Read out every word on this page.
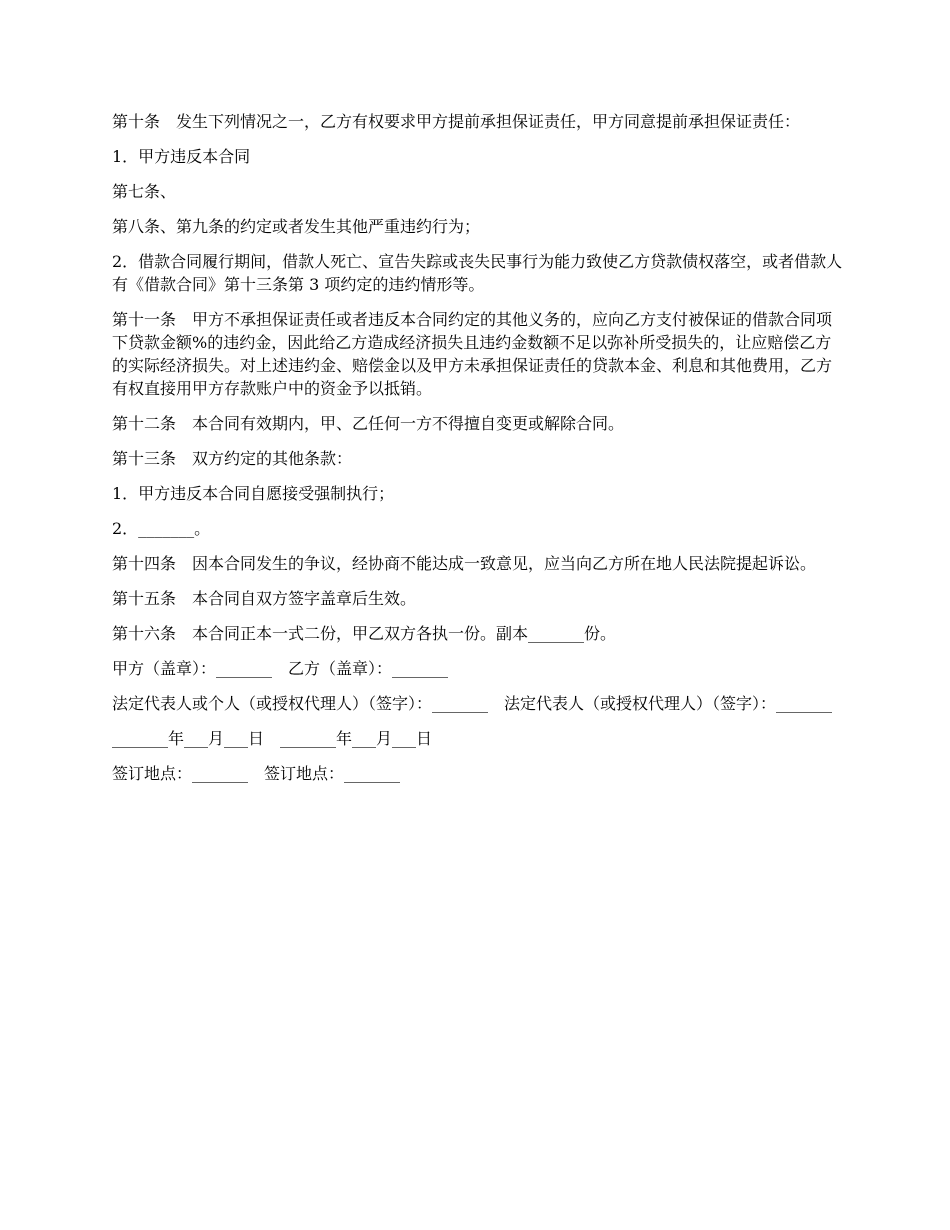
第十条　发生下列情况之一，乙方有权要求甲方提前承担保证责任，甲方同意提前承担保证责任：

1．甲方违反本合同

第七条、

第八条、第九条的约定或者发生其他严重违约行为；

2．借款合同履行期间，借款人死亡、宣告失踪或丧失民事行为能力致使乙方贷款债权落空，或者借款人有《借款合同》第十三条第 3 项约定的违约情形等。

第十一条　甲方不承担保证责任或者违反本合同约定的其他义务的，应向乙方支付被保证的借款合同项下贷款金额%的违约金，因此给乙方造成经济损失且违约金数额不足以弥补所受损失的，让应赔偿乙方的实际经济损失。对上述违约金、赔偿金以及甲方未承担保证责任的贷款本金、利息和其他费用，乙方有权直接用甲方存款账户中的资金予以抵销。

第十二条　本合同有效期内，甲、乙任何一方不得擅自变更或解除合同。

第十三条　双方约定的其他条款：

1．甲方违反本合同自愿接受强制执行；

2．_______。

第十四条　因本合同发生的争议，经协商不能达成一致意见，应当向乙方所在地人民法院提起诉讼。

第十五条　本合同自双方签字盖章后生效。

第十六条　本合同正本一式二份，甲乙双方各执一份。副本_______份。

甲方（盖章）：_______　乙方（盖章）：_______

法定代表人或个人（或授权代理人）（签字）：_______　法定代表人（或授权代理人）（签字）：_______

_______年___月___日　_______年___月___日

签订地点：_______　签订地点：_______
